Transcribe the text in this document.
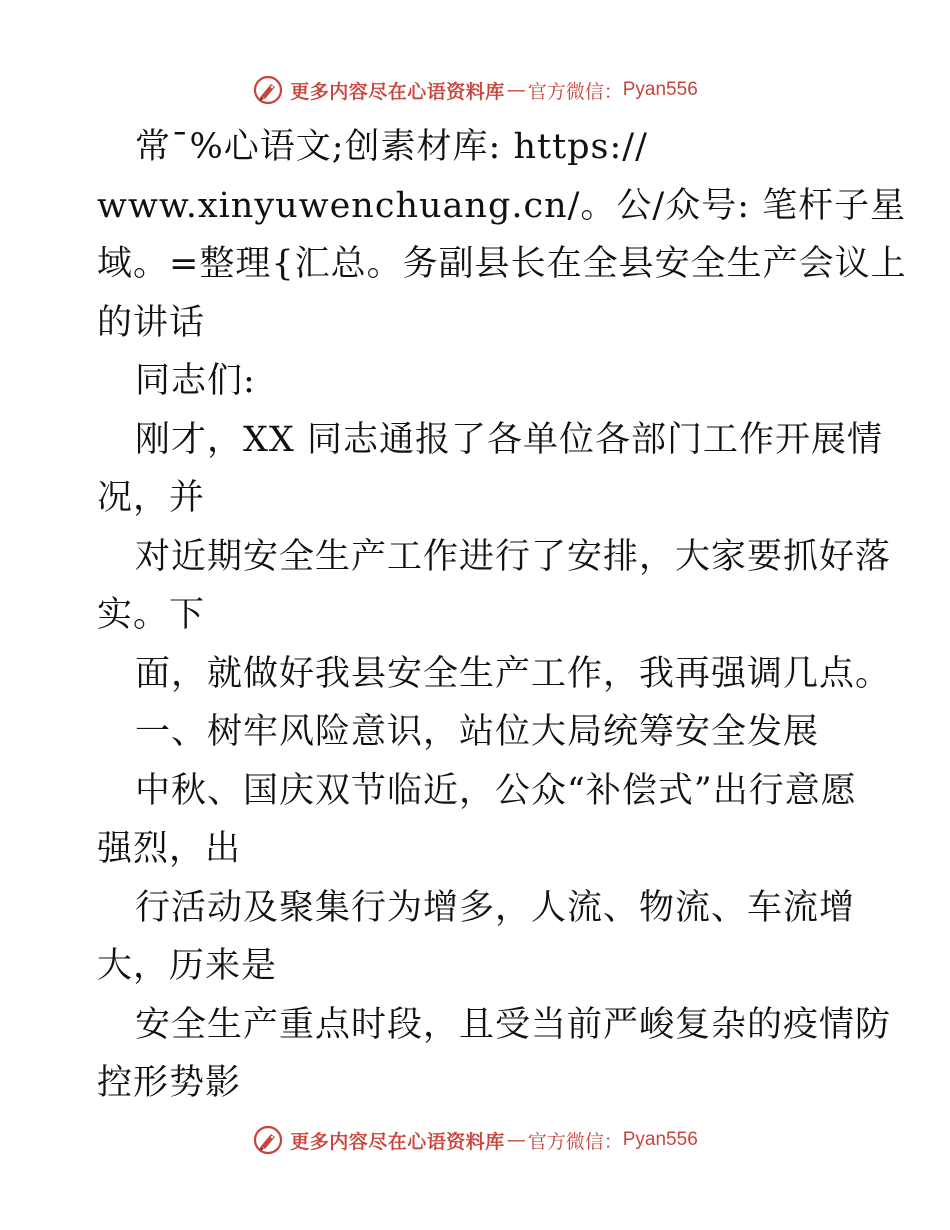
更多内容尽在心语资料库 — 官方微信： Pyan556
常¯%心语文;创素材库: https://
www.xinyuwenchuang.cn/。公/众号: 笔杆子星
域。=整理{汇总。务副县长在全县安全生产会议上
的讲话
同志们:
刚才，XX 同志通报了各单位各部门工作开展情
况，并
对近期安全生产工作进行了安排，大家要抓好落
实。下
面，就做好我县安全生产工作，我再强调几点。
一、树牢风险意识，站位大局统筹安全发展
中秋、国庆双节临近，公众“补偿式”出行意愿
强烈，出
行活动及聚集行为增多，人流、物流、车流增
大，历来是
安全生产重点时段，且受当前严峻复杂的疫情防
控形势影
更多内容尽在心语资料库 — 官方微信： Pyan556
